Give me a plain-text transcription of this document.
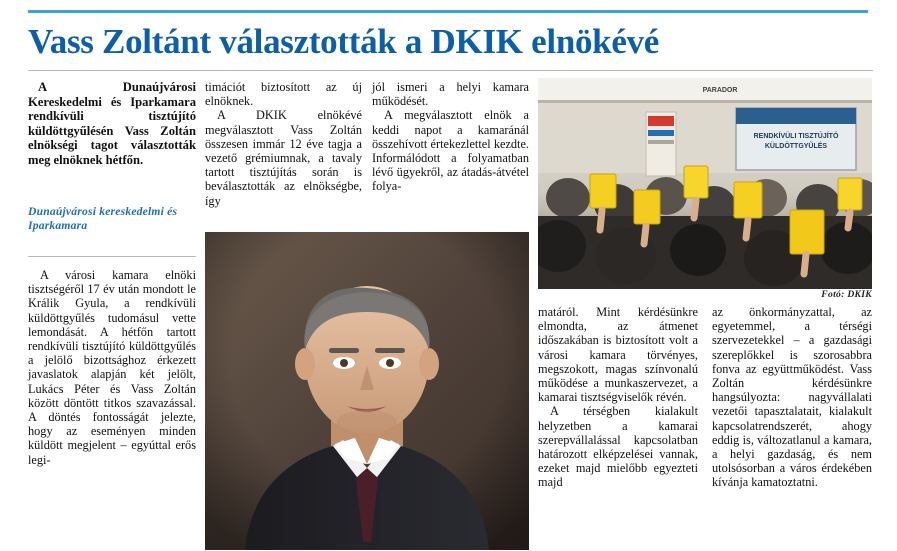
Vass Zoltánt választották a DKIK elnökévé

A Dunaújvárosi Kereskedelmi és Iparkamara rendkívüli tisztújító küldöttgyűlésén Vass Zoltán elnökségi tagot választották meg elnöknek hétfőn.

Dunaújvárosi kereskedelmi és Iparkamara

A városi kamara elnöki tisztségéről 17 év után mondott le Králik Gyula, a rendkívüli küldöttgyűlés tudomásul vette lemondását. A hétfőn tartott rendkívüli tisztújító küldöttgyűlés a jelölő bizottsághoz érkezett javaslatok alapján két jelölt, Lukács Péter és Vass Zoltán között döntött titkos szavazással. A döntés fontosságát jelezte, hogy az eseményen minden küldött megjelent – egyúttal erős legi-

timációt biztosított az új elnöknek.

A DKIK elnökévé megválasztott Vass Zoltán összesen immár 12 éve tagja a vezető grémiumnak, a tavaly tartott tisztújítás során is beválasztották az elnökségbe, így

jól ismeri a helyi kamara működését.

A megválasztott elnök a keddi napot a kamaránál összehívott értekezlettel kezdte. Informálódott a folyamatban lévő ügyekről, az átadás-átvétel folya-

RENDKÍVÜLI TISZTÚJÍTÓ
KÜLDÖTTGYŰLÉS
PARADOR
Fotó: DKIK

matáról. Mint kérdésünkre elmondta, az átmenet időszakában is biztosított volt a városi kamara törvényes, megszokott, magas színvonalú működése a munkaszervezet, a kamarai tisztségviselők révén.

A térségben kialakult helyzetben a kamarai szerepvállalással kapcsolatban határozott elképzelései vannak, ezeket majd mielőbb egyezteti majd

az önkormányzattal, az egyetemmel, a térségi szervezetekkel – a gazdasági szereplőkkel is szorosabbra fonva az együttműködést. Vass Zoltán kérdésünkre hangsúlyozta: nagyvállalati vezetői tapasztalatait, kialakult kapcsolatrendszerét, ahogy eddig is, változatlanul a kamara, a helyi gazdaság, és nem utolsósorban a város érdekében kívánja kamatoztatni.
